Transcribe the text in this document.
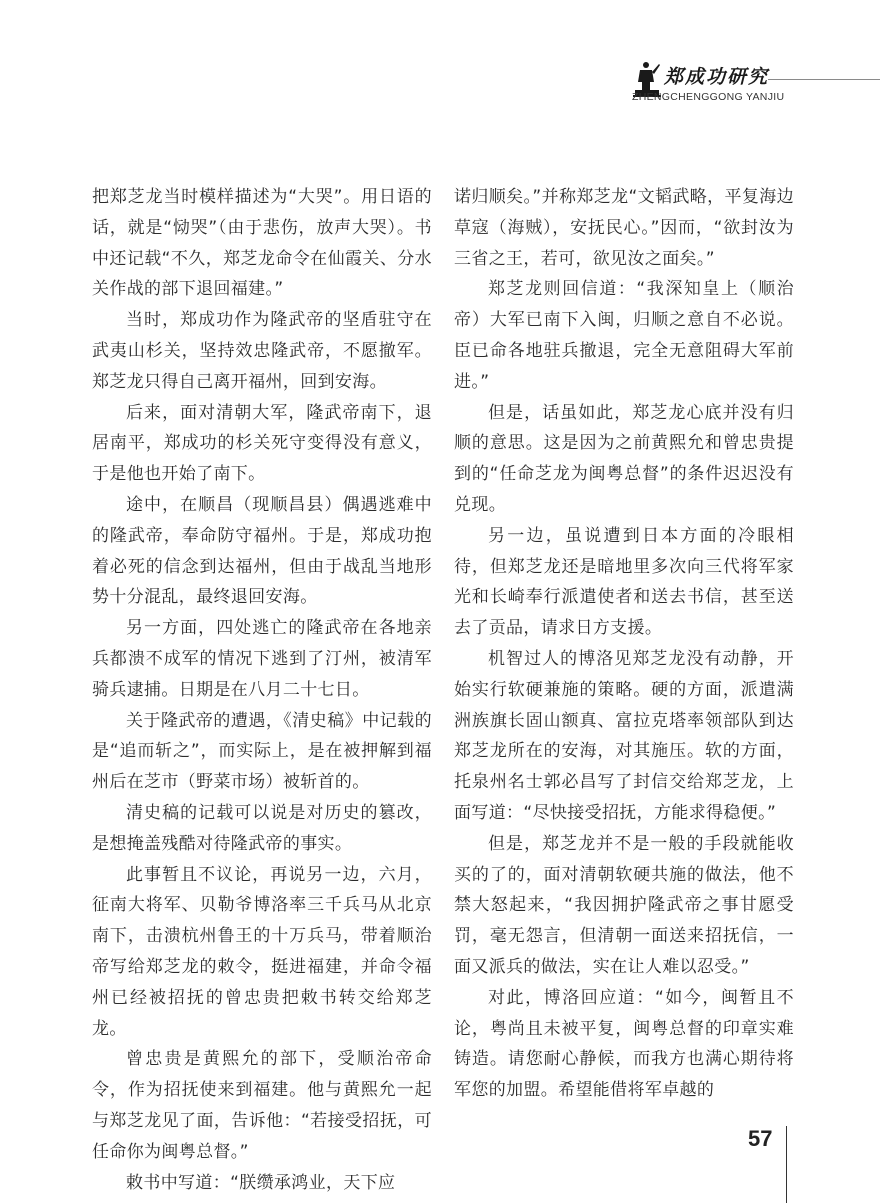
郑成功研究
ZHENGCHENGGONG YANJIU

把郑芝龙当时模样描述为“大哭”。用日语的话，就是“恸哭”（由于悲伤，放声大哭）。书中还记载“不久，郑芝龙命令在仙霞关、分水关作战的部下退回福建。”

当时，郑成功作为隆武帝的坚盾驻守在武夷山杉关，坚持效忠隆武帝，不愿撤军。郑芝龙只得自己离开福州，回到安海。

后来，面对清朝大军，隆武帝南下，退居南平，郑成功的杉关死守变得没有意义，于是他也开始了南下。

途中，在顺昌（现顺昌县）偶遇逃难中的隆武帝，奉命防守福州。于是，郑成功抱着必死的信念到达福州，但由于战乱当地形势十分混乱，最终退回安海。

另一方面，四处逃亡的隆武帝在各地亲兵都溃不成军的情况下逃到了汀州，被清军骑兵逮捕。日期是在八月二十七日。

关于隆武帝的遭遇，《清史稿》中记载的是“追而斩之”，而实际上，是在被押解到福州后在芝市（野菜市场）被斩首的。

清史稿的记载可以说是对历史的篡改，是想掩盖残酷对待隆武帝的事实。

此事暂且不议论，再说另一边，六月，征南大将军、贝勒爷博洛率三千兵马从北京南下，击溃杭州鲁王的十万兵马，带着顺治帝写给郑芝龙的敕令，挺进福建，并命令福州已经被招抚的曾忠贵把敕书转交给郑芝龙。

曾忠贵是黄熙允的部下，受顺治帝命令，作为招抚使来到福建。他与黄熙允一起与郑芝龙见了面，告诉他：“若接受招抚，可任命你为闽粤总督。”

敕书中写道：“朕缵承鸿业，天下应

诺归顺矣。”并称郑芝龙“文韬武略，平复海边草寇（海贼），安抚民心。”因而，“欲封汝为三省之王，若可，欲见汝之面矣。”

郑芝龙则回信道：“我深知皇上（顺治帝）大军已南下入闽，归顺之意自不必说。臣已命各地驻兵撤退，完全无意阻碍大军前进。”

但是，话虽如此，郑芝龙心底并没有归顺的意思。这是因为之前黄熙允和曾忠贵提到的“任命芝龙为闽粤总督”的条件迟迟没有兑现。

另一边，虽说遭到日本方面的冷眼相待，但郑芝龙还是暗地里多次向三代将军家光和长崎奉行派遣使者和送去书信，甚至送去了贡品，请求日方支援。

机智过人的博洛见郑芝龙没有动静，开始实行软硬兼施的策略。硬的方面，派遣满洲族旗长固山额真、富拉克塔率领部队到达郑芝龙所在的安海，对其施压。软的方面，托泉州名士郭必昌写了封信交给郑芝龙，上面写道：“尽快接受招抚，方能求得稳便。”

但是，郑芝龙并不是一般的手段就能收买的了的，面对清朝软硬共施的做法，他不禁大怒起来，“我因拥护隆武帝之事甘愿受罚，毫无怨言，但清朝一面送来招抚信，一面又派兵的做法，实在让人难以忍受。”

对此，博洛回应道：“如今，闽暂且不论，粤尚且未被平复，闽粤总督的印章实难铸造。请您耐心静候，而我方也满心期待将军您的加盟。希望能借将军卓越的

57
